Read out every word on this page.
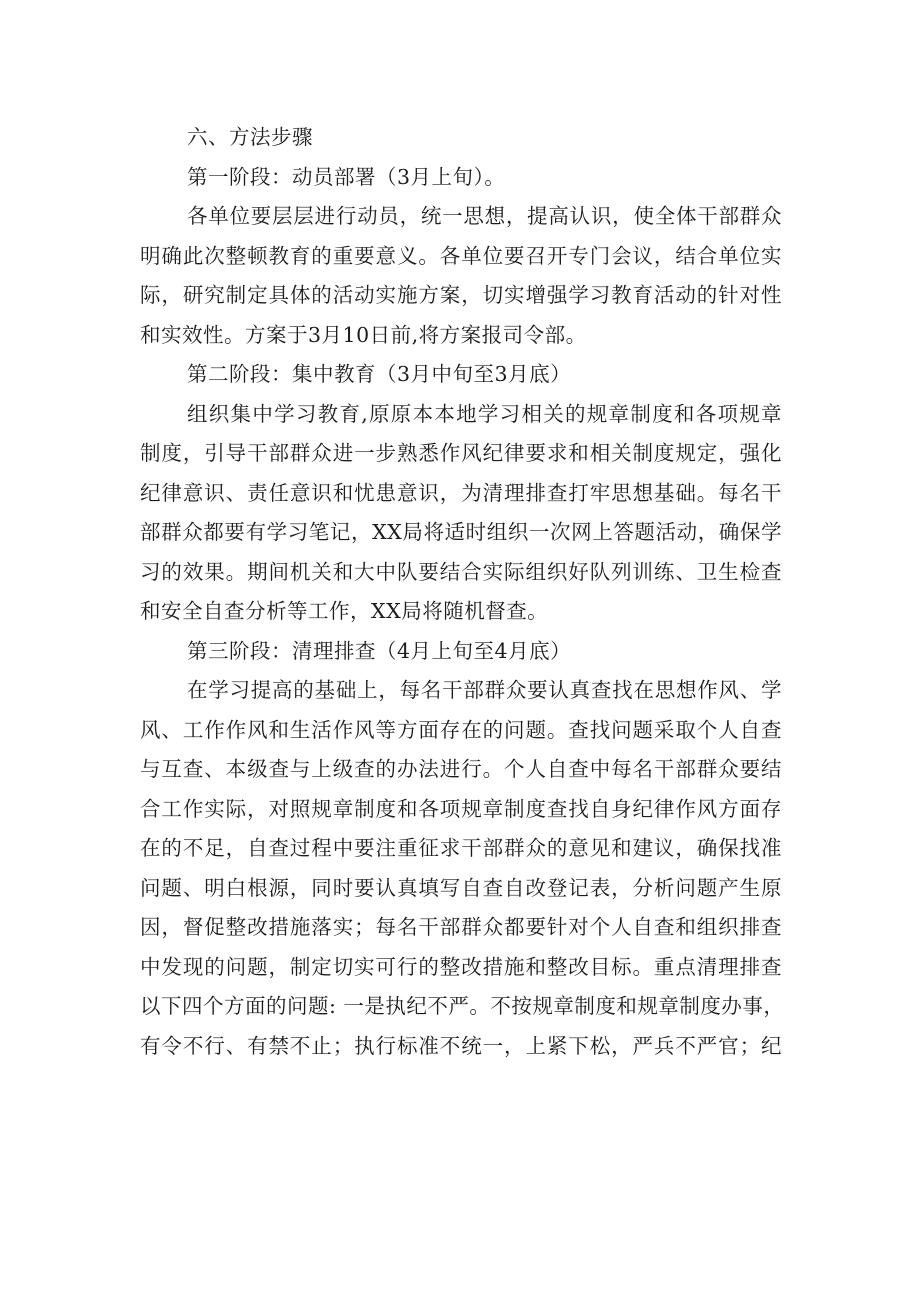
六、方法步骤

第一阶段：动员部署（3月上旬）。

各单位要层层进行动员，统一思想，提高认识，使全体干部群众

明确此次整顿教育的重要意义。各单位要召开专门会议，结合单位实

际，研究制定具体的活动实施方案，切实增强学习教育活动的针对性

和实效性。方案于3月10日前,将方案报司令部。

第二阶段：集中教育（3月中旬至3月底）

组织集中学习教育,原原本本地学习相关的规章制度和各项规章

制度，引导干部群众进一步熟悉作风纪律要求和相关制度规定，强化

纪律意识、责任意识和忧患意识，为清理排查打牢思想基础。每名干

部群众都要有学习笔记，XX局将适时组织一次网上答题活动，确保学

习的效果。期间机关和大中队要结合实际组织好队列训练、卫生检查

和安全自查分析等工作，XX局将随机督查。

第三阶段：清理排查（4月上旬至4月底）

在学习提高的基础上，每名干部群众要认真查找在思想作风、学

风、工作作风和生活作风等方面存在的问题。查找问题采取个人自查

与互查、本级查与上级查的办法进行。个人自查中每名干部群众要结

合工作实际，对照规章制度和各项规章制度查找自身纪律作风方面存

在的不足，自查过程中要注重征求干部群众的意见和建议，确保找准

问题、明白根源，同时要认真填写自查自改登记表，分析问题产生原

因，督促整改措施落实；每名干部群众都要针对个人自查和组织排查

中发现的问题，制定切实可行的整改措施和整改目标。重点清理排查

以下四个方面的问题: 一是执纪不严。不按规章制度和规章制度办事，

有令不行、有禁不止；执行标准不统一，上紧下松，严兵不严官；纪
